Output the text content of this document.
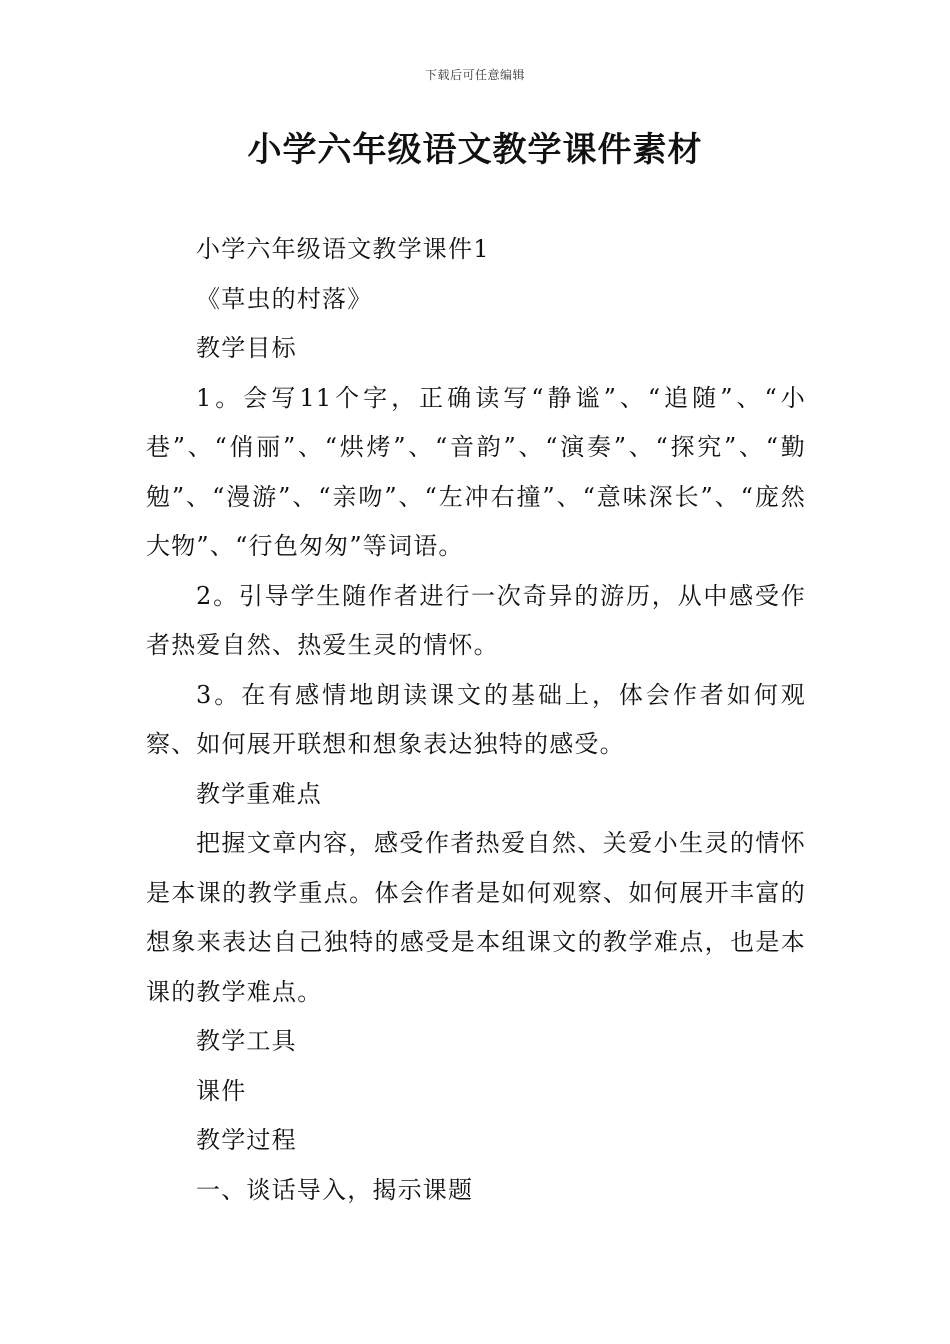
下载后可任意编辑
小学六年级语文教学课件素材

小学六年级语文教学课件1

《草虫的村落》

教学目标

1。会写11个字，正确读写“静谧”、“追随”、“小巷”、“俏丽”、“烘烤”、“音韵”、“演奏”、“探究”、“勤勉”、“漫游”、“亲吻”、“左冲右撞”、“意味深长”、“庞然大物”、“行色匆匆”等词语。

2。引导学生随作者进行一次奇异的游历，从中感受作者热爱自然、热爱生灵的情怀。

3。在有感情地朗读课文的基础上，体会作者如何观察、如何展开联想和想象表达独特的感受。

教学重难点

把握文章内容，感受作者热爱自然、关爱小生灵的情怀是本课的教学重点。体会作者是如何观察、如何展开丰富的想象来表达自己独特的感受是本组课文的教学难点，也是本课的教学难点。

教学工具

课件

教学过程

一、谈话导入，揭示课题
